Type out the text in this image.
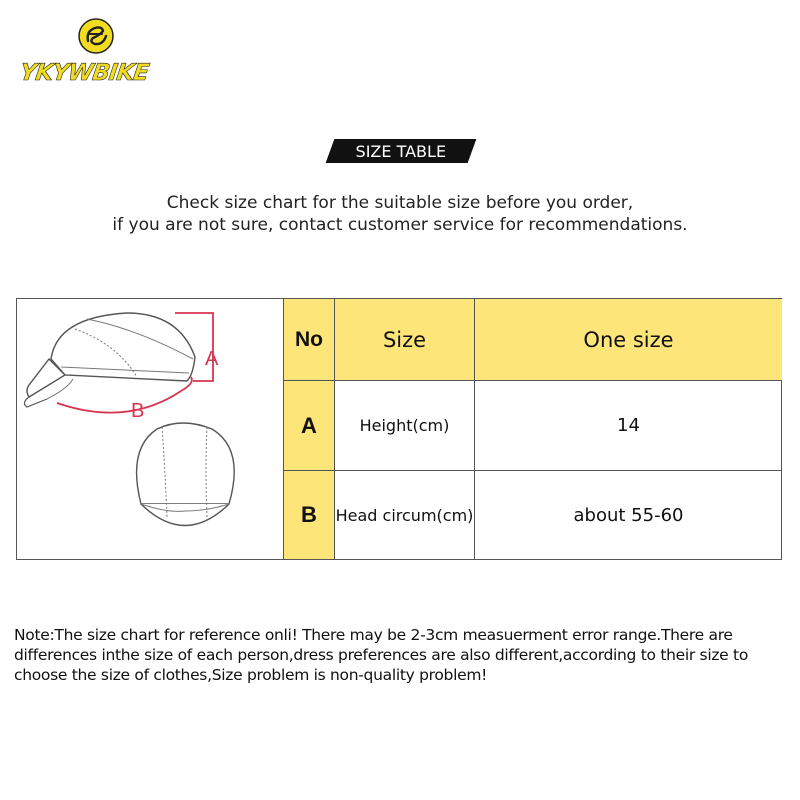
YKYWBIKE
SIZE TABLE
Check size chart for the suitable size before you order,
if you are not sure, contact customer service for recommendations.
A
B
No	Size	One size
A	Height(cm)	14
B	Head circum(cm)	about 55-60
Note:The size chart for reference onli! There may be 2-3cm measuerment error range.There are differences inthe size of each person,dress preferences are also different,according to their size to choose the size of clothes,Size problem is non-quality problem!
